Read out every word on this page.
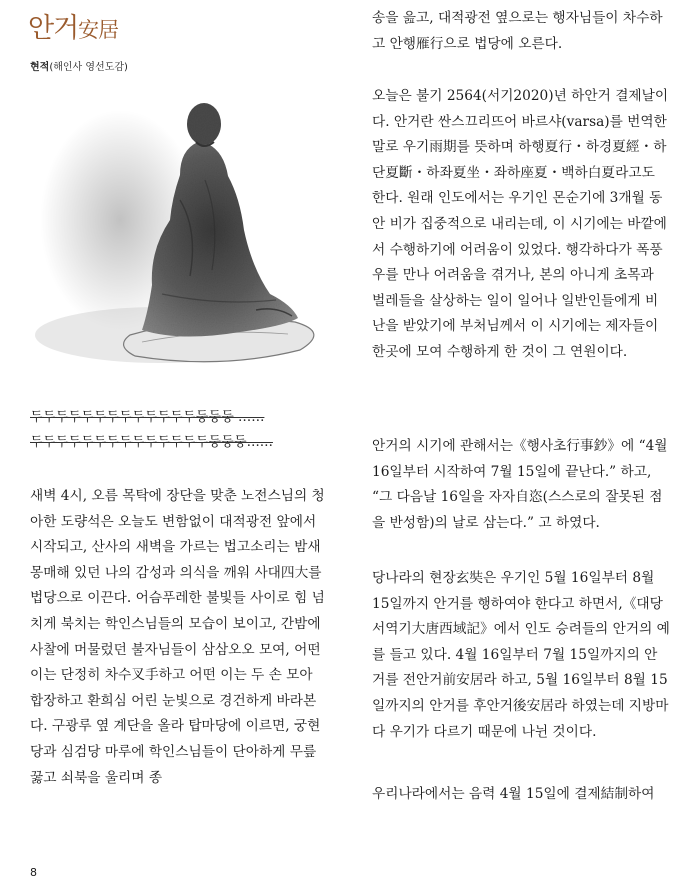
안거安居
현적(해인사 영선도감)
두두두두두두두두두두두두두둥둥둥 ……
두두두두두두두두두두두두두두둥둥둥……

새벽 4시, 오름 목탁에 장단을 맞춘 노전스님의 청아한 도량석은 오늘도 변함없이 대적광전 앞에서 시작되고, 산사의 새벽을 가르는 법고소리는 밤새 몽매해 있던 나의 감성과 의식을 깨워 사대四大를 법당으로 이끈다. 어슴푸레한 불빛들 사이로 힘 넘치게 북치는 학인스님들의 모습이 보이고, 간밤에 사찰에 머물렀던 불자님들이 삼삼오오 모여, 어떤 이는 단정히 차수叉手하고 어떤 이는 두 손 모아 합장하고 환희심 어린 눈빛으로 경건하게 바라본다. 구광루 옆 계단을 올라 탑마당에 이르면, 궁현당과 심검당 마루에 학인스님들이 단아하게 무릎 꿇고 쇠북을 울리며 종

송을 읊고, 대적광전 옆으로는 행자님들이 차수하고 안행雁行으로 법당에 오른다.

오늘은 불기 2564(서기2020)년 하안거 결제날이다. 안거란 싼스끄리뜨어 바르샤(varsa)를 번역한 말로 우기雨期를 뜻하며 하행夏行・하경夏經・하단夏斷・하좌夏坐・좌하座夏・백하白夏라고도 한다. 원래 인도에서는 우기인 몬순기에 3개월 동안 비가 집중적으로 내리는데, 이 시기에는 바깥에서 수행하기에 어려움이 있었다. 행각하다가 폭풍우를 만나 어려움을 겪거나, 본의 아니게 초목과 벌레들을 살상하는 일이 일어나 일반인들에게 비난을 받았기에 부처님께서 이 시기에는 제자들이 한곳에 모여 수행하게 한 것이 그 연원이다.

안거의 시기에 관해서는《행사초行事鈔》에 “4월 16일부터 시작하여 7월 15일에 끝난다.” 하고, “그 다음날 16일을 자자自恣(스스로의 잘못된 점을 반성함)의 날로 삼는다.” 고 하였다.

당나라의 현장玄奘은 우기인 5월 16일부터 8월 15일까지 안거를 행하여야 한다고 하면서,《대당서역기大唐西域記》에서 인도 승려들의 안거의 예를 들고 있다. 4월 16일부터 7월 15일까지의 안거를 전안거前安居라 하고, 5월 16일부터 8월 15일까지의 안거를 후안거後安居라 하였는데 지방마다 우기가 다르기 때문에 나뉜 것이다.

우리나라에서는 음력 4월 15일에 결제結制하여

8
